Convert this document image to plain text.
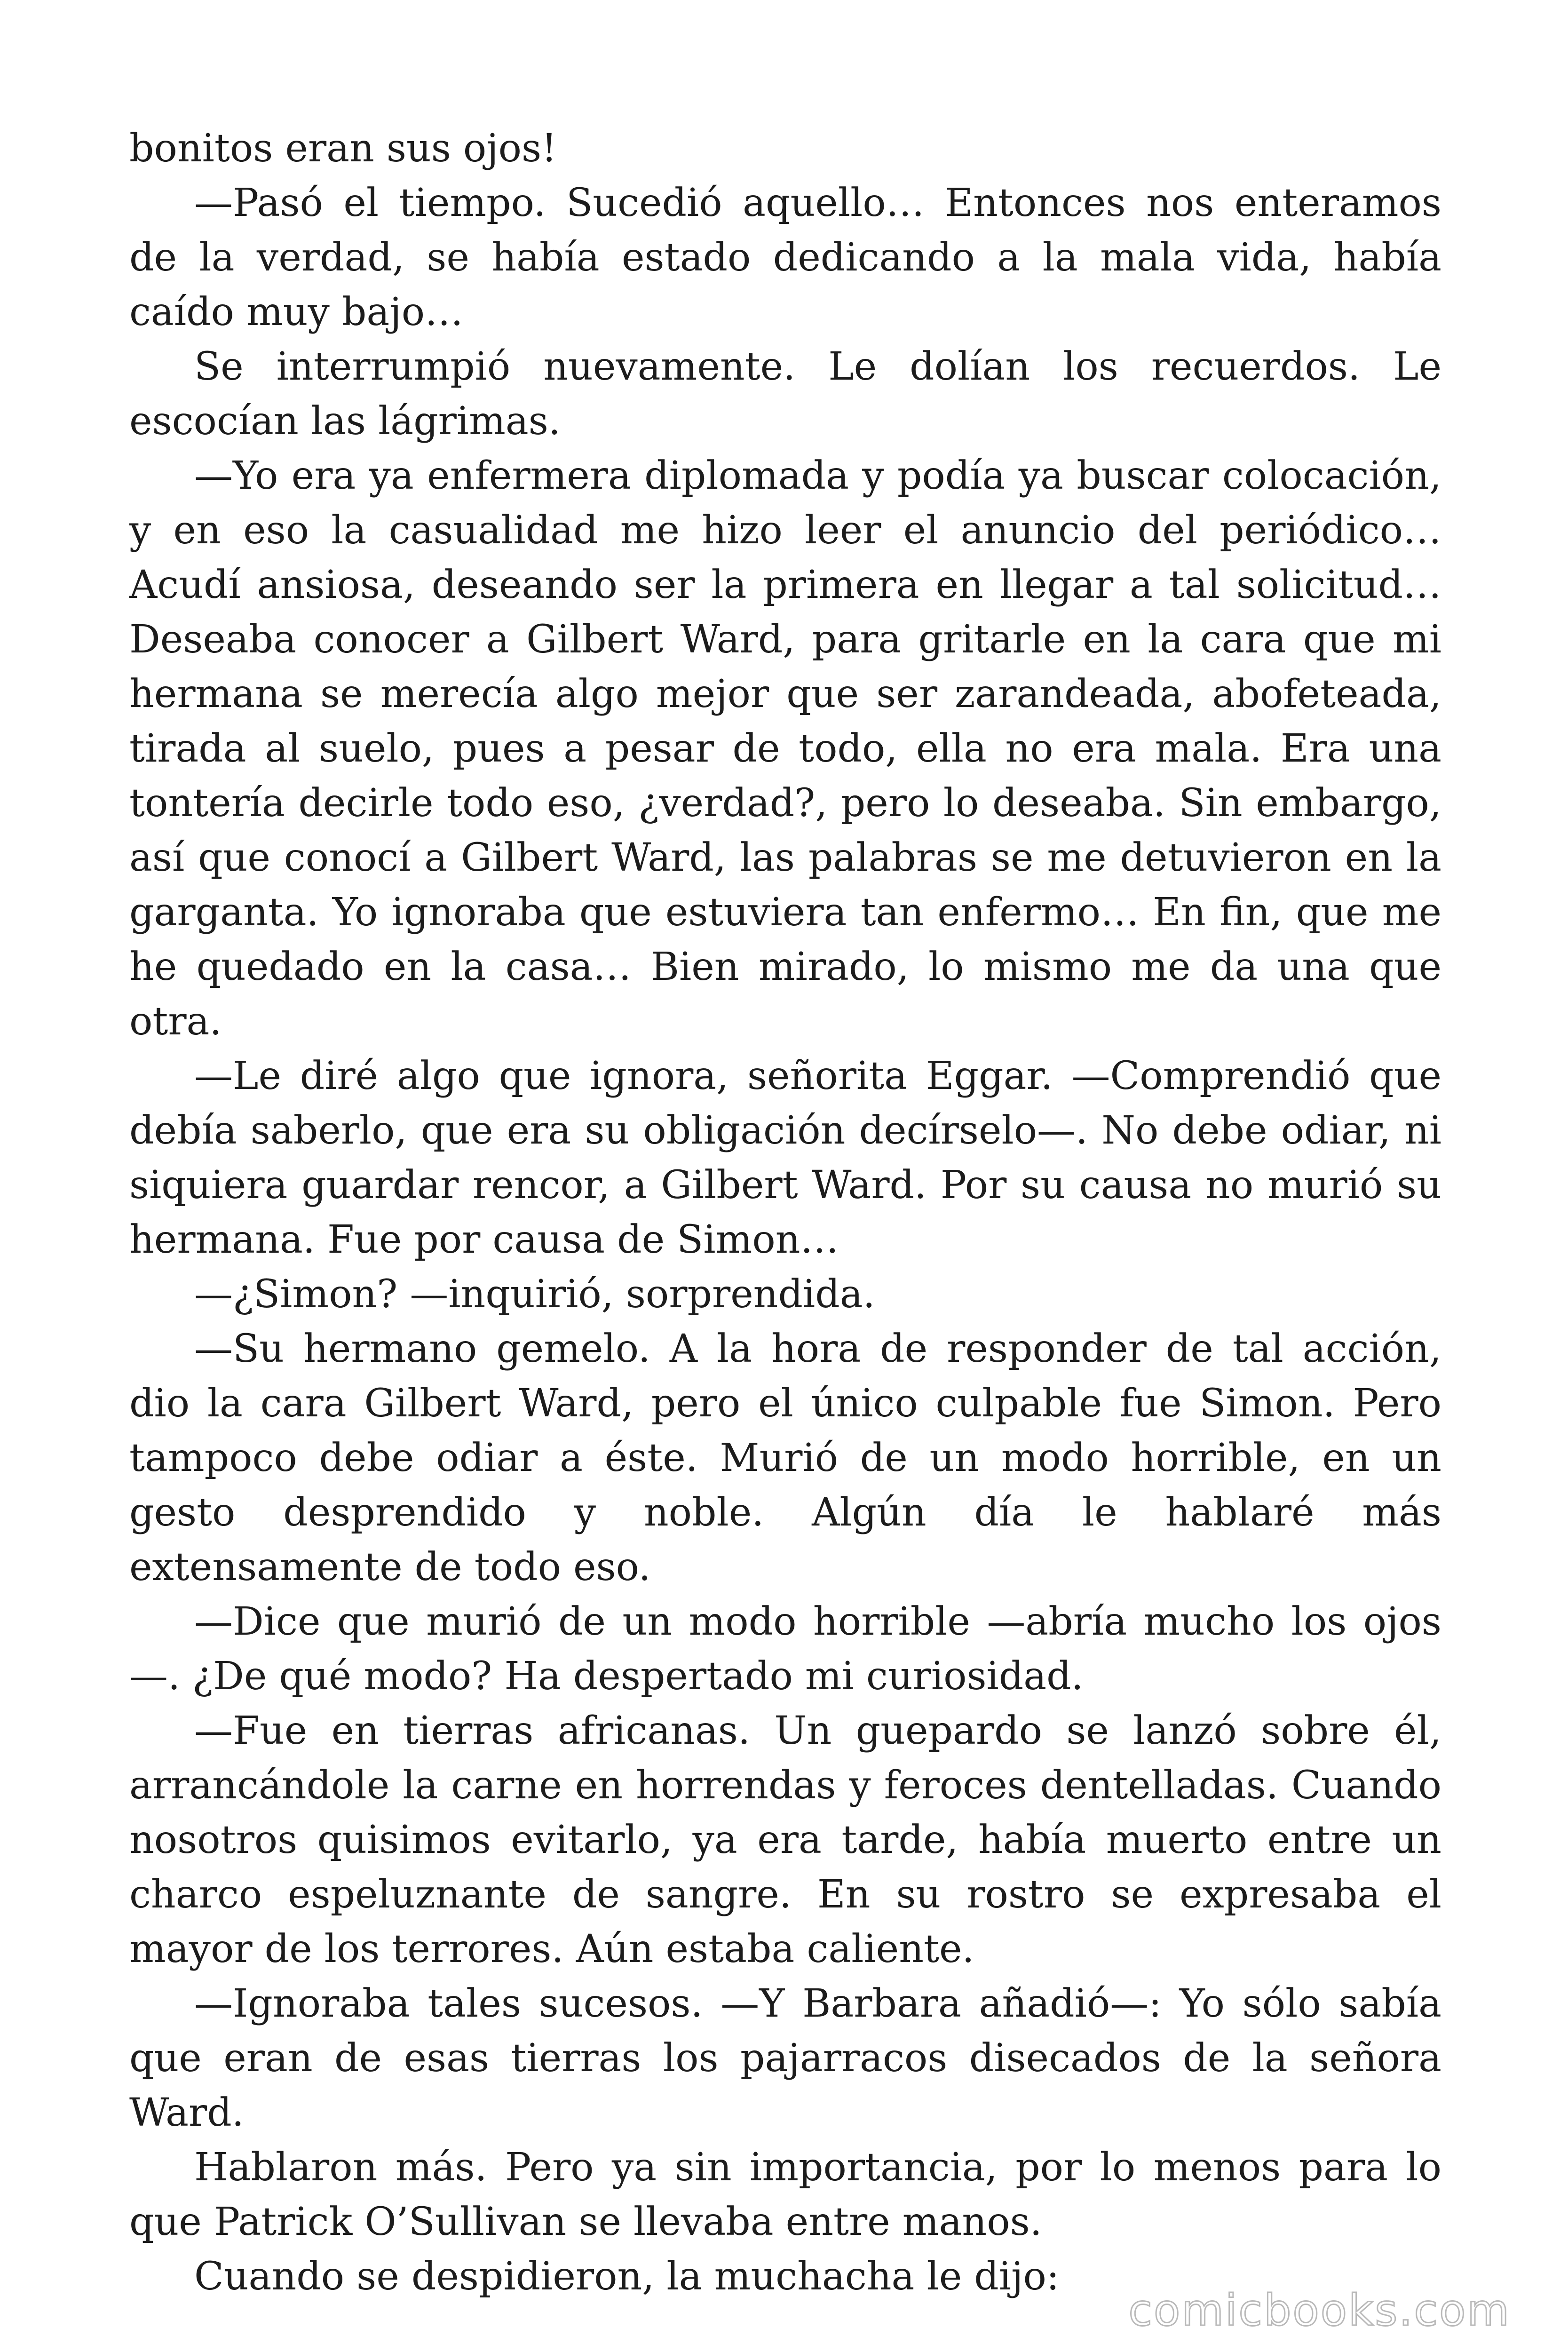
bonitos eran sus ojos!

—Pasó el tiempo. Sucedió aquello… Entonces nos enteramos de la verdad, se había estado dedicando a la mala vida, había caído muy bajo…

Se interrumpió nuevamente. Le dolían los recuerdos. Le escocían las lágrimas.

—Yo era ya enfermera diplomada y podía ya buscar colocación, y en eso la casualidad me hizo leer el anuncio del periódico… Acudí ansiosa, deseando ser la primera en llegar a tal solicitud… Deseaba conocer a Gilbert Ward, para gritarle en la cara que mi hermana se merecía algo mejor que ser zarandeada, abofeteada, tirada al suelo, pues a pesar de todo, ella no era mala. Era una tontería decirle todo eso, ¿verdad?, pero lo deseaba. Sin embargo, así que conocí a Gilbert Ward, las palabras se me detuvieron en la garganta. Yo ignoraba que estuviera tan enfermo… En fin, que me he quedado en la casa… Bien mirado, lo mismo me da una que otra.

—Le diré algo que ignora, señorita Eggar. —Comprendió que debía saberlo, que era su obligación decírselo—. No debe odiar, ni siquiera guardar rencor, a Gilbert Ward. Por su causa no murió su hermana. Fue por causa de Simon…

—¿Simon? —inquirió, sorprendida.

—Su hermano gemelo. A la hora de responder de tal acción, dio la cara Gilbert Ward, pero el único culpable fue Simon. Pero tampoco debe odiar a éste. Murió de un modo horrible, en un gesto desprendido y noble. Algún día le hablaré más extensamente de todo eso.

—Dice que murió de un modo horrible —abría mucho los ojos—. ¿De qué modo? Ha despertado mi curiosidad.

—Fue en tierras africanas. Un guepardo se lanzó sobre él, arrancándole la carne en horrendas y feroces dentelladas. Cuando nosotros quisimos evitarlo, ya era tarde, había muerto entre un charco espeluznante de sangre. En su rostro se expresaba el mayor de los terrores. Aún estaba caliente.

—Ignoraba tales sucesos. —Y Barbara añadió—: Yo sólo sabía que eran de esas tierras los pajarracos disecados de la señora Ward.

Hablaron más. Pero ya sin importancia, por lo menos para lo que Patrick O’Sullivan se llevaba entre manos.

Cuando se despidieron, la muchacha le dijo:

comicbooks.com
